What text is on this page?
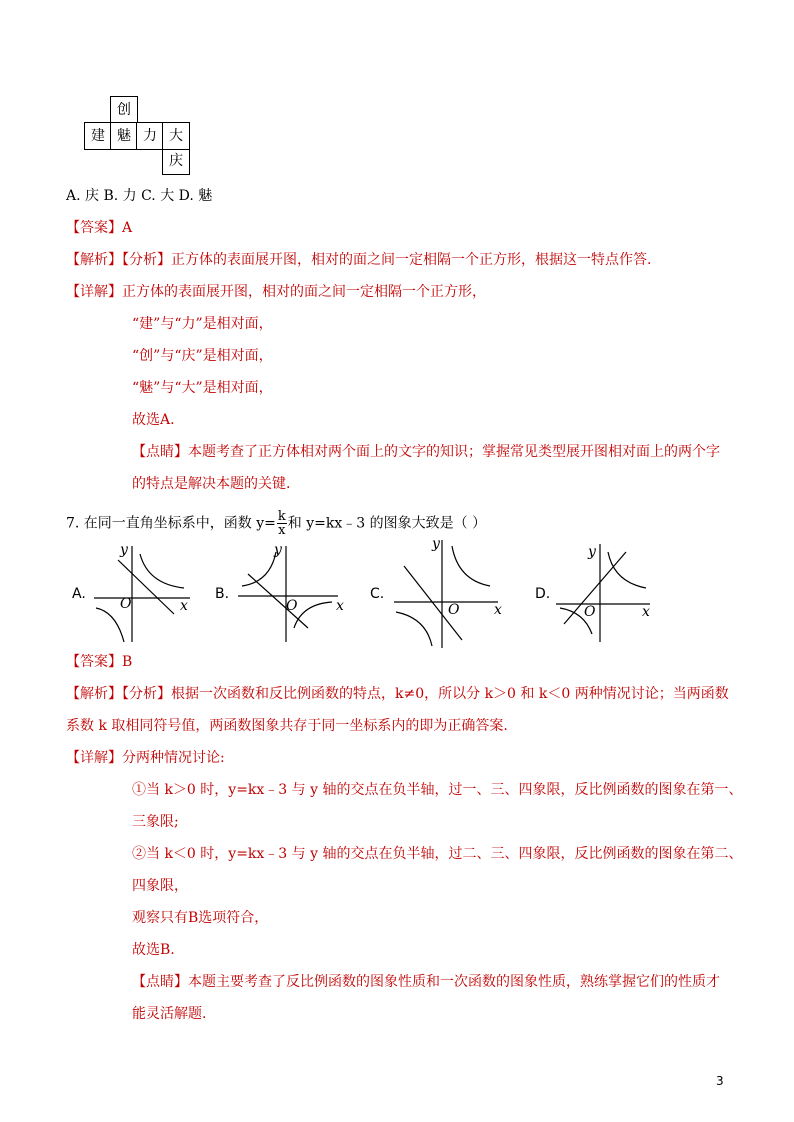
创
建 魅 力 大
庆
A. 庆 B. 力 C. 大 D. 魅
【答案】A
【解析】【分析】正方体的表面展开图，相对的面之间一定相隔一个正方形，根据这一特点作答.
【详解】正方体的表面展开图，相对的面之间一定相隔一个正方形，
“建”与“力”是相对面，
“创”与“庆”是相对面，
“魅”与“大”是相对面，
故选A.
【点睛】本题考查了正方体相对两个面上的文字的知识；掌握常见类型展开图相对面上的两个字
的特点是解决本题的关键.
7. 在同一直角坐标系中，函数 $y= \frac{k}{x}$ 和 y=kx﹣3 的图象大致是（ ）
A.	B.	C.	D.
y
x
O
y
x
O
y
x
O
y
x
O
【答案】B
【解析】【分析】根据一次函数和反比例函数的特点，k≠0，所以分 k＞0 和 k＜0 两种情况讨论；当两函数
系数 k 取相同符号值，两函数图象共存于同一坐标系内的即为正确答案.
【详解】分两种情况讨论:
①当 k＞0 时，y=kx﹣3 与 y 轴的交点在负半轴，过一、三、四象限，反比例函数的图象在第一、
三象限;
②当 k＜0 时，y=kx﹣3 与 y 轴的交点在负半轴，过二、三、四象限，反比例函数的图象在第二、
四象限，
观察只有B选项符合，
故选B.
【点睛】本题主要考查了反比例函数的图象性质和一次函数的图象性质，熟练掌握它们的性质才
能灵活解题.
3
